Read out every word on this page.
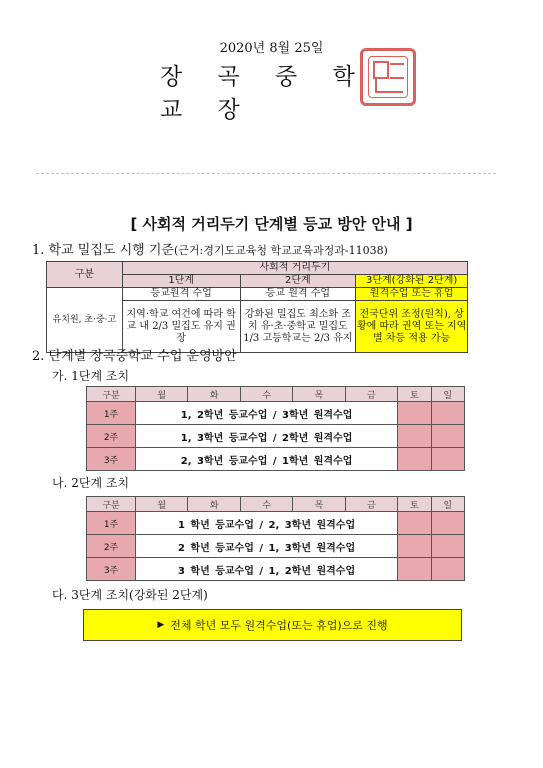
2020년 8월 25일
장 곡 중 학 교 장
[ 사회적 거리두기 단계별 등교 방안 안내 ]
1. 학교 밀집도 시행 기준(근거:경기도교육청 학교교육과정과-11038)
구분	사회적 거리두기		
	1단계	2단계	3단계(강화된 2단계)
유치원, 초·중·고	등교원격 수업	등교 원격 수업	원격수업 또는 휴업
	지역·학교 여건에 따라 학교 내 2/3 밀집도 유지 권장	강화된 밀집도 최소화 조치 유·초·중학교 밀집도 1/3 고등학교는 2/3 유지	전국단위 조정(원칙), 상황에 따라 권역 또는 지역별 차등 적용 가능
2. 단계별 장곡중학교 수업 운영방안
가. 1단계 조치
구분	월	화	수	목	금	토	일
1주	1, 2학년 등교수업 / 3학년 원격수업						
2주	1, 3학년 등교수업 / 2학년 원격수업						
3주	2, 3학년 등교수업 / 1학년 원격수업						
나. 2단계 조치
구분	월	화	수	목	금	토	일
1주	1 학년 등교수업 / 2, 3학년 원격수업						
2주	2 학년 등교수업 / 1, 3학년 원격수업						
3주	3 학년 등교수업 / 1, 2학년 원격수업						
다. 3단계 조치(강화된 2단계)
▶ 전체 학년 모두 원격수업(또는 휴업)으로 진행
